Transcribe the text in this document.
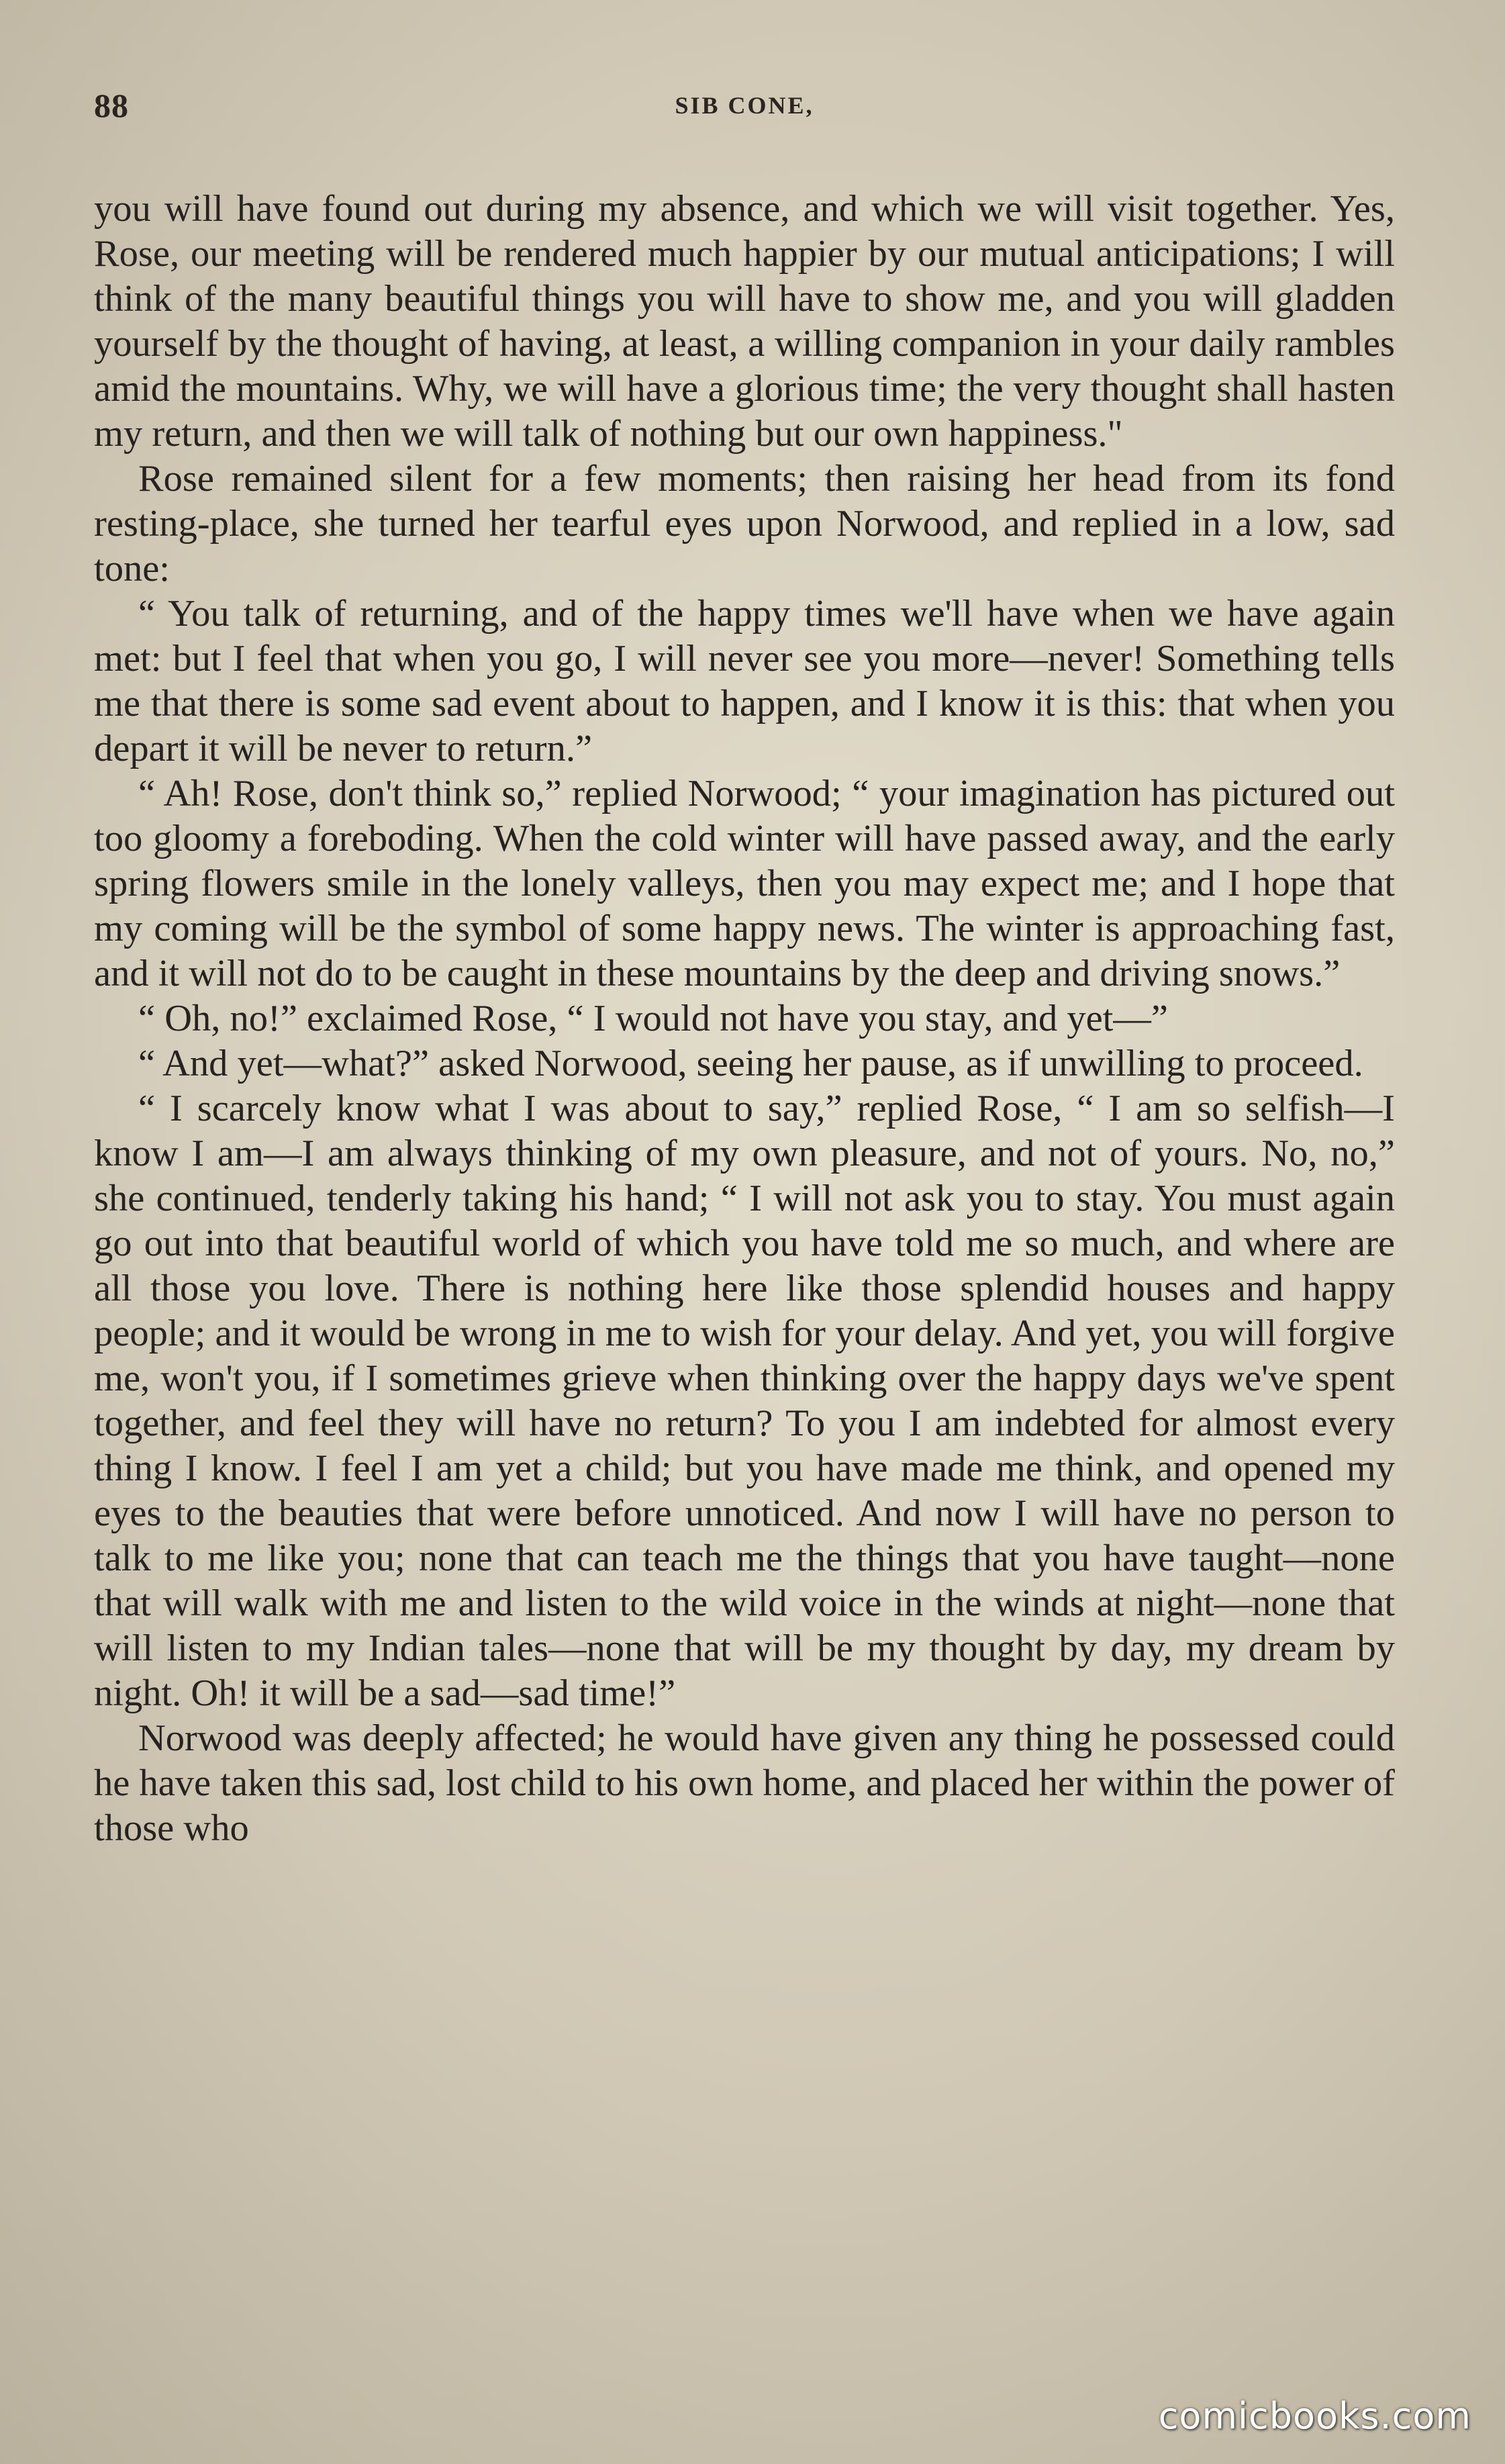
88	SIB CONE,

you will have found out during my absence, and which we will visit together. Yes, Rose, our meeting will be rendered much happier by our mutual anticipations; I will think of the many beautiful things you will have to show me, and you will gladden yourself by the thought of having, at least, a willing companion in your daily rambles amid the mountains. Why, we will have a glorious time; the very thought shall hasten my return, and then we will talk of nothing but our own happiness."

Rose remained silent for a few moments; then raising her head from its fond resting-place, she turned her tearful eyes upon Norwood, and replied in a low, sad tone:

“ You talk of returning, and of the happy times we'll have when we have again met: but I feel that when you go, I will never see you more—never! Something tells me that there is some sad event about to happen, and I know it is this: that when you depart it will be never to return.”

“ Ah! Rose, don't think so,” replied Norwood; “ your imagination has pictured out too gloomy a foreboding. When the cold winter will have passed away, and the early spring flowers smile in the lonely valleys, then you may expect me; and I hope that my coming will be the symbol of some happy news. The winter is approaching fast, and it will not do to be caught in these mountains by the deep and driving snows.”

“ Oh, no!” exclaimed Rose, “ I would not have you stay, and yet—”

“ And yet—what?” asked Norwood, seeing her pause, as if unwilling to proceed.

“ I scarcely know what I was about to say,” replied Rose, “ I am so selfish—I know I am—I am always thinking of my own pleasure, and not of yours. No, no,” she continued, tenderly taking his hand; “ I will not ask you to stay. You must again go out into that beautiful world of which you have told me so much, and where are all those you love. There is nothing here like those splendid houses and happy people; and it would be wrong in me to wish for your delay. And yet, you will forgive me, won't you, if I sometimes grieve when thinking over the happy days we've spent together, and feel they will have no return? To you I am indebted for almost every thing I know. I feel I am yet a child; but you have made me think, and opened my eyes to the beauties that were before unnoticed. And now I will have no person to talk to me like you; none that can teach me the things that you have taught—none that will walk with me and listen to the wild voice in the winds at night—none that will listen to my Indian tales—none that will be my thought by day, my dream by night. Oh! it will be a sad—sad time!”

Norwood was deeply affected; he would have given any thing he possessed could he have taken this sad, lost child to his own home, and placed her within the power of those who

comicbooks.com
